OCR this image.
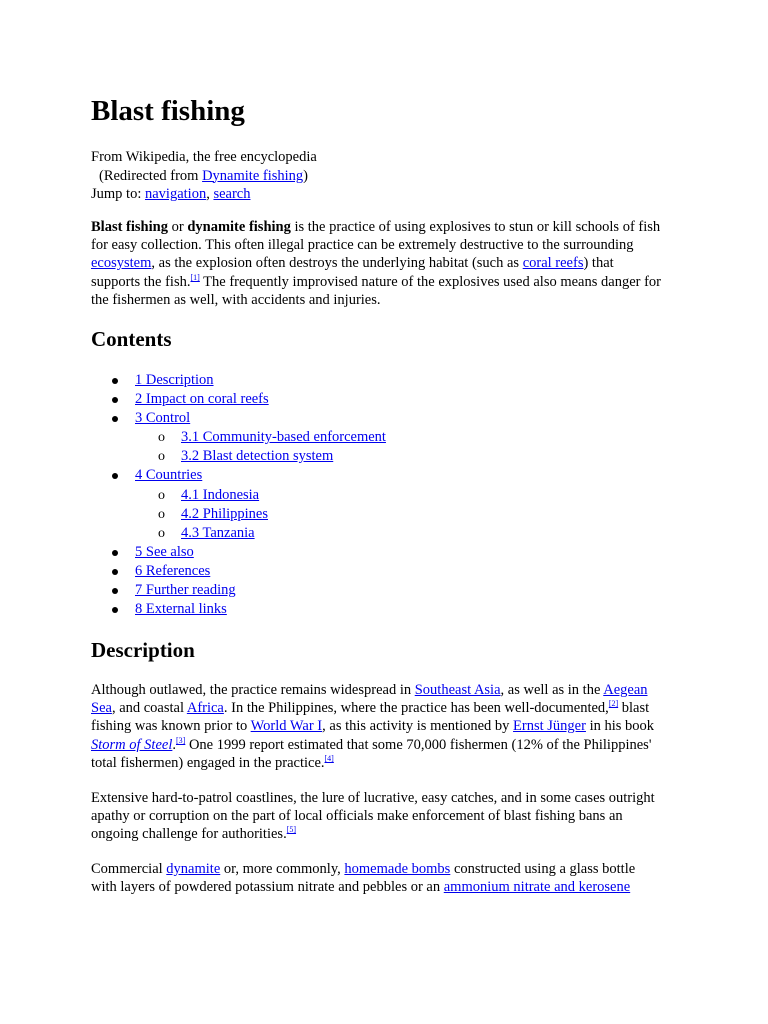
Blast fishing
From Wikipedia, the free encyclopedia
(Redirected from Dynamite fishing)
Jump to: navigation, search

Blast fishing or dynamite fishing is the practice of using explosives to stun or kill schools of fish for easy collection. This often illegal practice can be extremely destructive to the surrounding ecosystem, as the explosion often destroys the underlying habitat (such as coral reefs) that supports the fish.[1] The frequently improvised nature of the explosives used also means danger for the fishermen as well, with accidents and injuries.

Contents
1 Description
2 Impact on coral reefs
3 Control
o 3.1 Community-based enforcement
o 3.2 Blast detection system
4 Countries
o 4.1 Indonesia
o 4.2 Philippines
o 4.3 Tanzania
5 See also
6 References
7 Further reading
8 External links
Description

Although outlawed, the practice remains widespread in Southeast Asia, as well as in the Aegean Sea, and coastal Africa. In the Philippines, where the practice has been well-documented,[2] blast fishing was known prior to World War I, as this activity is mentioned by Ernst Jünger in his book Storm of Steel.[3] One 1999 report estimated that some 70,000 fishermen (12% of the Philippines' total fishermen) engaged in the practice.[4]

Extensive hard-to-patrol coastlines, the lure of lucrative, easy catches, and in some cases outright apathy or corruption on the part of local officials make enforcement of blast fishing bans an ongoing challenge for authorities.[5]

Commercial dynamite or, more commonly, homemade bombs constructed using a glass bottle with layers of powdered potassium nitrate and pebbles or an ammonium nitrate and kerosene
